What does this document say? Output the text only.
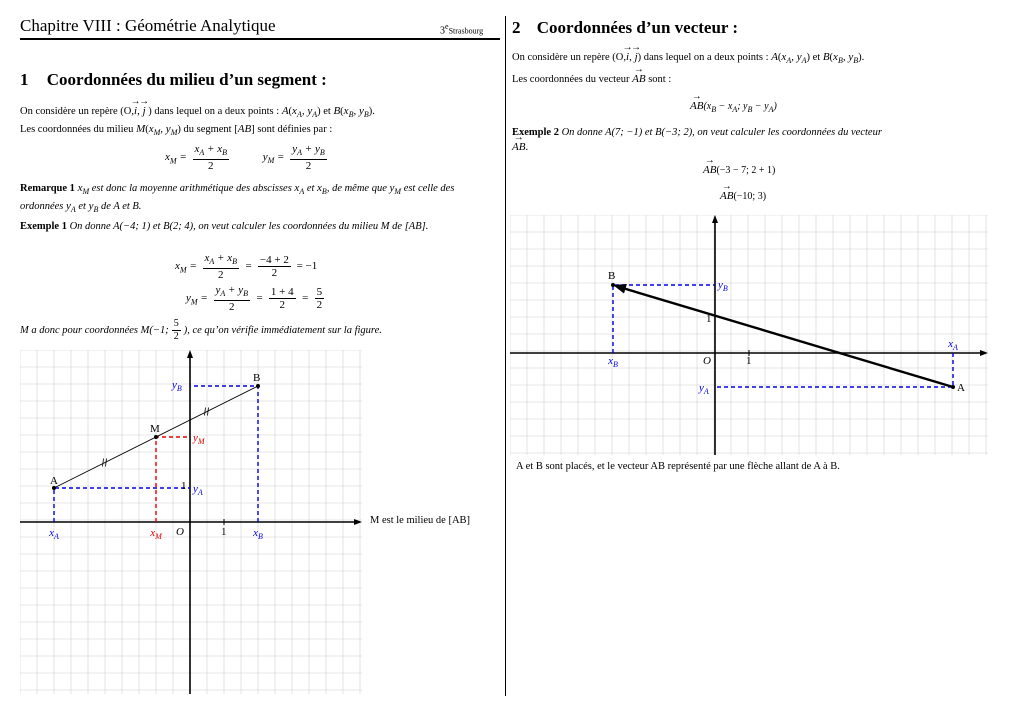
Chapitre VIII : Géométrie Analytique	3eStrasbourg
1 Coordonnées du milieu d’un segment :
On considère un repère (O,→ i, → j ) dans lequel on a deux points : $A(x_A$, $y_A$) et $B(x_B$, $y_B$).
Les coordonnées du milieu $M(x_M$, $y_M$) du segment [AB] sont définies par :
$x_M = \frac{x_A + x_B}{2}$	$y_M = \frac{y_A + y_B}{2}$
Remarque 1 $x_M$ est donc la moyenne arithmétique des abscisses $x_A$ et $x_B$, de même que $y_M$ est celle des ordonnées $y_A$ et $y_B$ de A et B.
Exemple 1 On donne A(−4; 1) et B(2; 4), on veut calculer les coordonnées du milieu M de [AB].
$x_M = \frac{x_A + x_B}{2} = \frac{-4 + 2}{2} = -1$
$y_M = \frac{y_A + y_B}{2} = \frac{1 + 4}{2} = \frac{5}{2}$
M a donc pour coordonnées M(−1; $\frac{5}{2}$ ), ce qu’on vérifie immédiatement sur la figure.
A
B
M
O	1
1
$x_A$	$x_B$
$x_M$
$y_A$
$y_B$
$y_M$
M est le milieu de [AB]
2 Coordonnées d’un vecteur :
On considère un repère (O,→ i, → j) dans lequel on a deux points : $A(x_A$, $y_A$) et $B(x_B$, $y_B$).
Les coordonnées du vecteur → AB sont :
→ $AB(x_B - x_A$; $y_B - y_A$)
Exemple 2 On donne A(7; −1) et B(−3; 2), on veut calculer les coordonnées du vecteur
→ AB.
→ AB(−3 − 7; 2 + 1)
→ AB(−10; 3)
A
B
O	1
1
$x_A$
$x_B$
$y_A$
$y_B$
A et B sont placés, et le vecteur AB représenté par une flèche allant de A à B.
